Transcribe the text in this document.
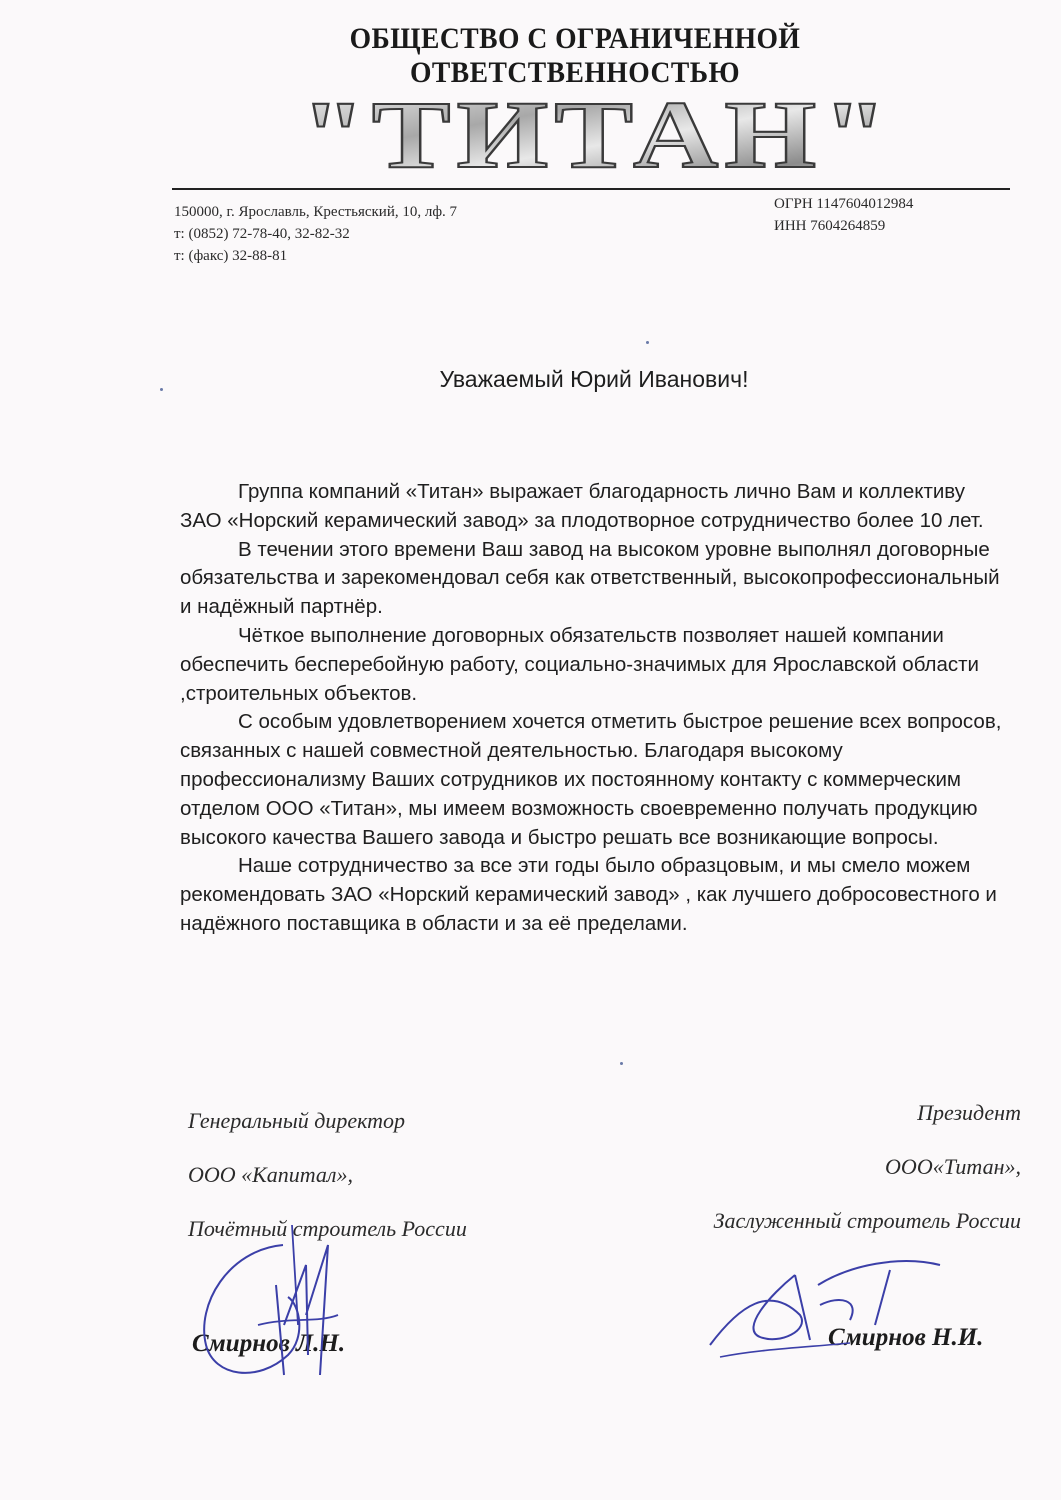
ОБЩЕСТВО С ОГРАНИЧЕННОЙ ОТВЕТСТВЕННОСТЬЮ
"ТИТАН"
150000, г. Ярославль, Крестьяский, 10, лф. 7
т: (0852) 72-78-40, 32-82-32
т: (факс) 32-88-81
ОГРН 1147604012984
ИНН 7604264859
Уважаемый Юрий Иванович!

Группа компаний «Титан» выражает благодарность лично Вам и коллективу ЗАО «Норский керамический завод» за плодотворное сотрудничество более 10 лет.

В течении этого времени Ваш завод на высоком уровне выполнял договорные обязательства и зарекомендовал себя как ответственный, высокопрофессиональный и надёжный партнёр.

Чёткое выполнение договорных обязательств позволяет нашей компании обеспечить бесперебойную работу, социально-значимых для Ярославской области ,строительных объектов.

С особым удовлетворением хочется отметить быстрое решение всех вопросов, связанных с нашей совместной деятельностью. Благодаря высокому профессионализму Ваших сотрудников их постоянному контакту с коммерческим отделом ООО «Титан», мы имеем возможность своевременно получать продукцию высокого качества Вашего завода и быстро решать все возникающие вопросы.

Наше сотрудничество за все эти годы было образцовым, и мы смело можем рекомендовать ЗАО «Норский керамический завод» , как лучшего добросовестного и надёжного поставщика в области и за её пределами.

Генеральный директор
ООО «Капитал»,
Почётный строитель России
Президент
ООО«Титан»,
Заслуженный строитель России
Смирнов Л.Н.	Смирнов Н.И.
